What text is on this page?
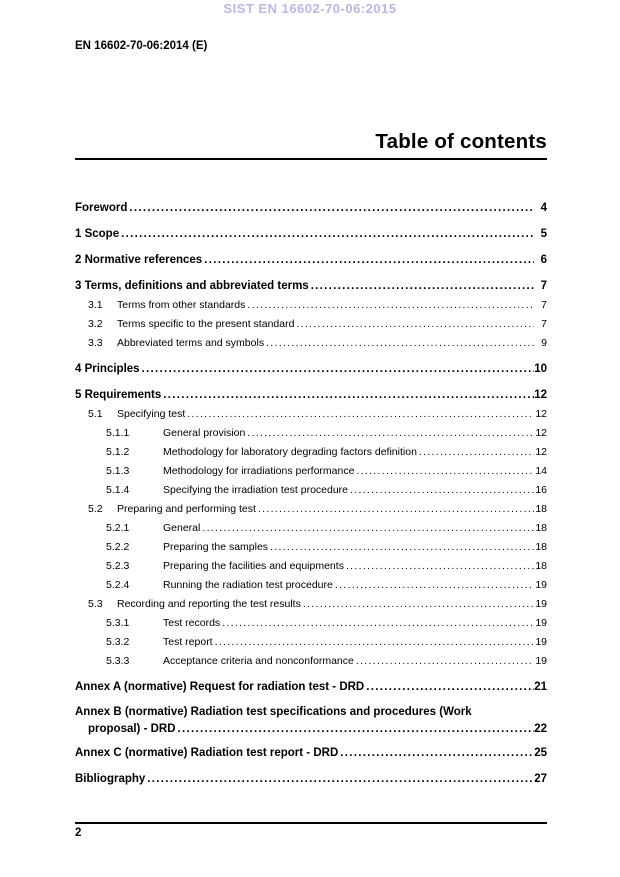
SIST EN 16602-70-06:2015
EN 16602-70-06:2014 (E)
Table of contents
Foreword .....	4
1 Scope .....	5
2 Normative references .....	6
3 Terms, definitions and abbreviated terms .....	7
3.1	Terms from other standards .....	7
3.2	Terms specific to the present standard .....	7
3.3	Abbreviated terms and symbols .....	9
4 Principles .....	10
5 Requirements .....	12
5.1	Specifying test .....	12
5.1.1	General provision .....	12
5.1.2	Methodology for laboratory degrading factors definition .....	12
5.1.3	Methodology for irradiations performance .....	14
5.1.4	Specifying the irradiation test procedure .....	16
5.2	Preparing and performing test .....	18
5.2.1	General .....	18
5.2.2	Preparing the samples .....	18
5.2.3	Preparing the facilities and equipments .....	18
5.2.4	Running the radiation test procedure .....	19
5.3	Recording and reporting the test results .....	19
5.3.1	Test records .....	19
5.3.2	Test report .....	19
5.3.3	Acceptance criteria and nonconformance .....	19
Annex A (normative) Request for radiation test - DRD .....	21
Annex B (normative) Radiation test specifications and procedures (Work
proposal) - DRD .....	22
Annex C (normative) Radiation test report - DRD .....	25
Bibliography .....	27
2
